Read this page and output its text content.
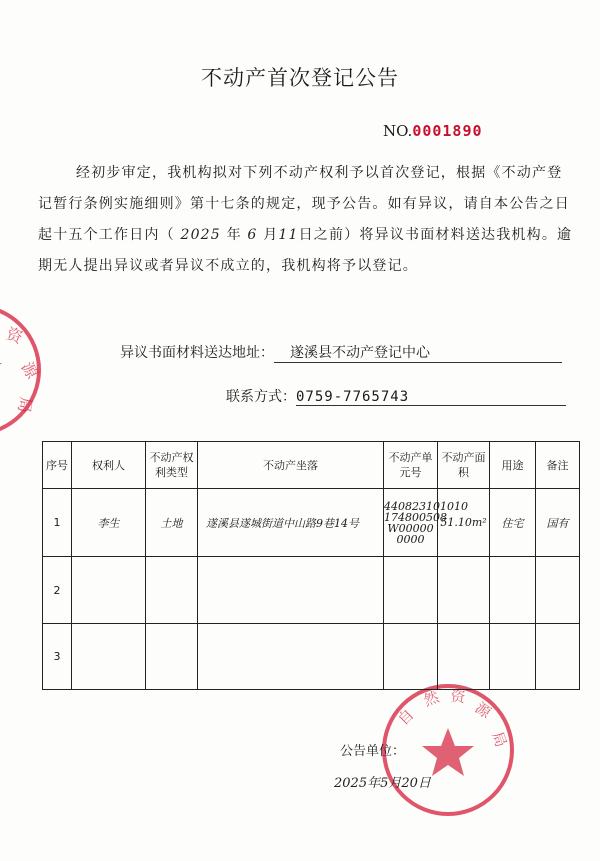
资
源
局
自
然 资
源
局
不动产首次登记公告
NO.0001890
经初步审定，我机构拟对下列不动产权利予以首次登记，根据《不动产登记暂行条例实施细则》第十七条的规定，现予公告。如有异议，请自本公告之日起十五个工作日内（ 2025 年 6 月11日之前）将异议书面材料送达我机构。逾期无人提出异议或者异议不成立的，我机构将予以登记。
异议书面材料送达地址： 遂溪县不动产登记中心
联系方式：0759-7765743
序号	权利人	不动产权利类型	不动产坐落	不动产单元号	不动产面积	用途	备注
1	李生	土地	遂溪县遂城街道中山路9巷14号	440823101010 174800508 W00000 0000	51.10m²	住宅	国有
2							
3							
公告单位：
2025年5月20日
